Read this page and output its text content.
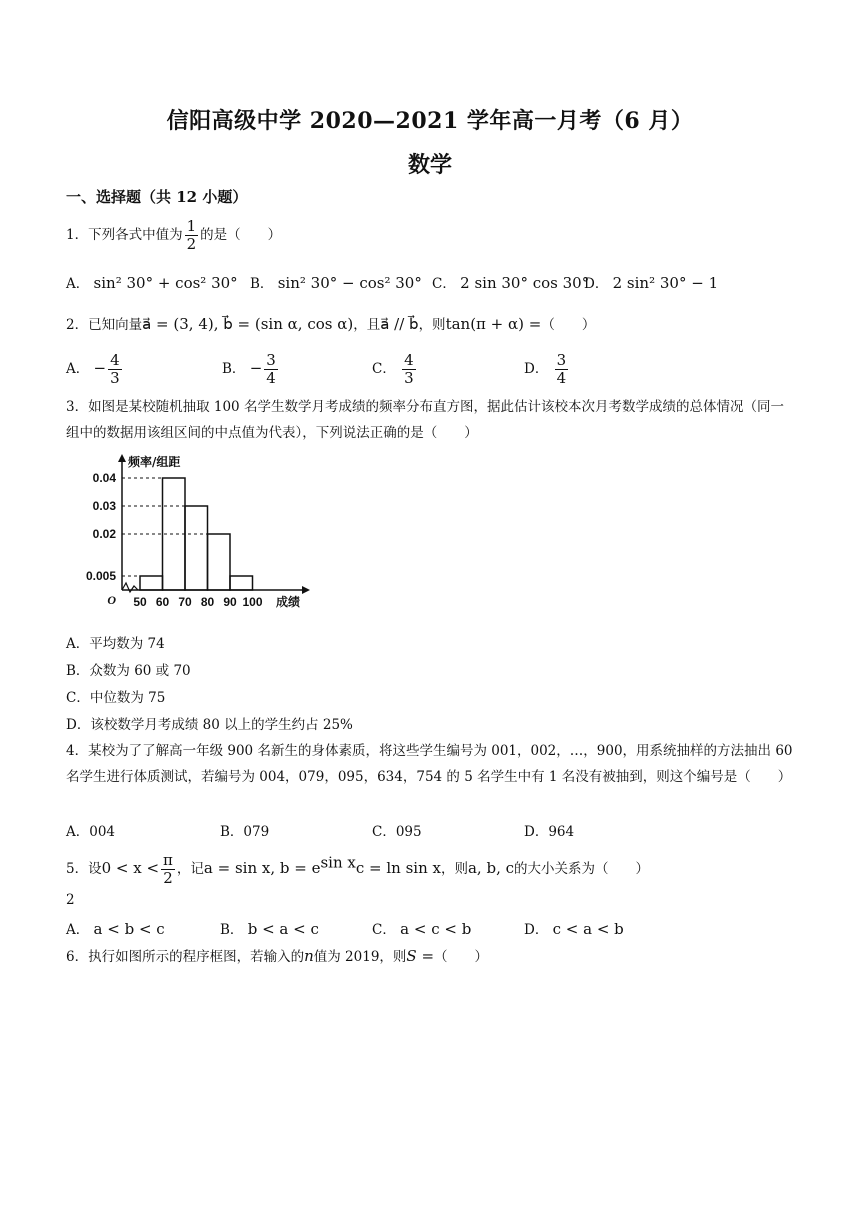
信阳高级中学 2020—2021 学年高一月考（6 月）
数学
一、选择题（共 12 小题）
1．下列各式中值为 $\frac{1}{2}$ 的是（　　）
A． sin² 30° + cos² 30° B． sin² 30° − cos² 30° C． 2 sin 30° cos 30°
D． 2 sin² 30° − 1
2．已知向量a⃗ = (3, 4), b⃗ = (sin α, cos α)，且a⃗ // b⃗，则tan(π + α) =（　　）
A． − $\frac{4}{3}$	B． − $\frac{3}{4}$	C． $\frac{4}{3}$	D． $\frac{3}{4}$
3．如图是某校随机抽取 100 名学生数学月考成绩的频率分布直方图，据此估计该校本次月考数学成绩的总体情况（同一组中的数据用该组区间的中点值为代表），下列说法正确的是（　　）
0.04
0.03
0.02
0.005
50 60 70 80 90 100
O	成绩
频率/组距
A．平均数为 74
B．众数为 60 或 70
C．中位数为 75
D．该校数学月考成绩 80 以上的学生约占 25%
4．某校为了了解高一年级 900 名新生的身体素质，将这些学生编号为 001，002，…，900，用系统抽样的方法抽出 60 名学生进行体质测试，若编号为 004，079，095，634，754 的 5 名学生中有 1 名没有被抽到，则这个编号是（　　）
A．004	B．079	C．095	D．964
5．设$0 < x < \frac{\pi}{2}$ ，记a = sin x, $b = e^{sin x}c = \ln \sin x$，则a, b, c的大小关系为（　　）
2
A． a < b < c	B． b < a < c	C． a < c < b	D． c < a < b
6．执行如图所示的程序框图，若输入的n值为 2019，则S =（　　）
